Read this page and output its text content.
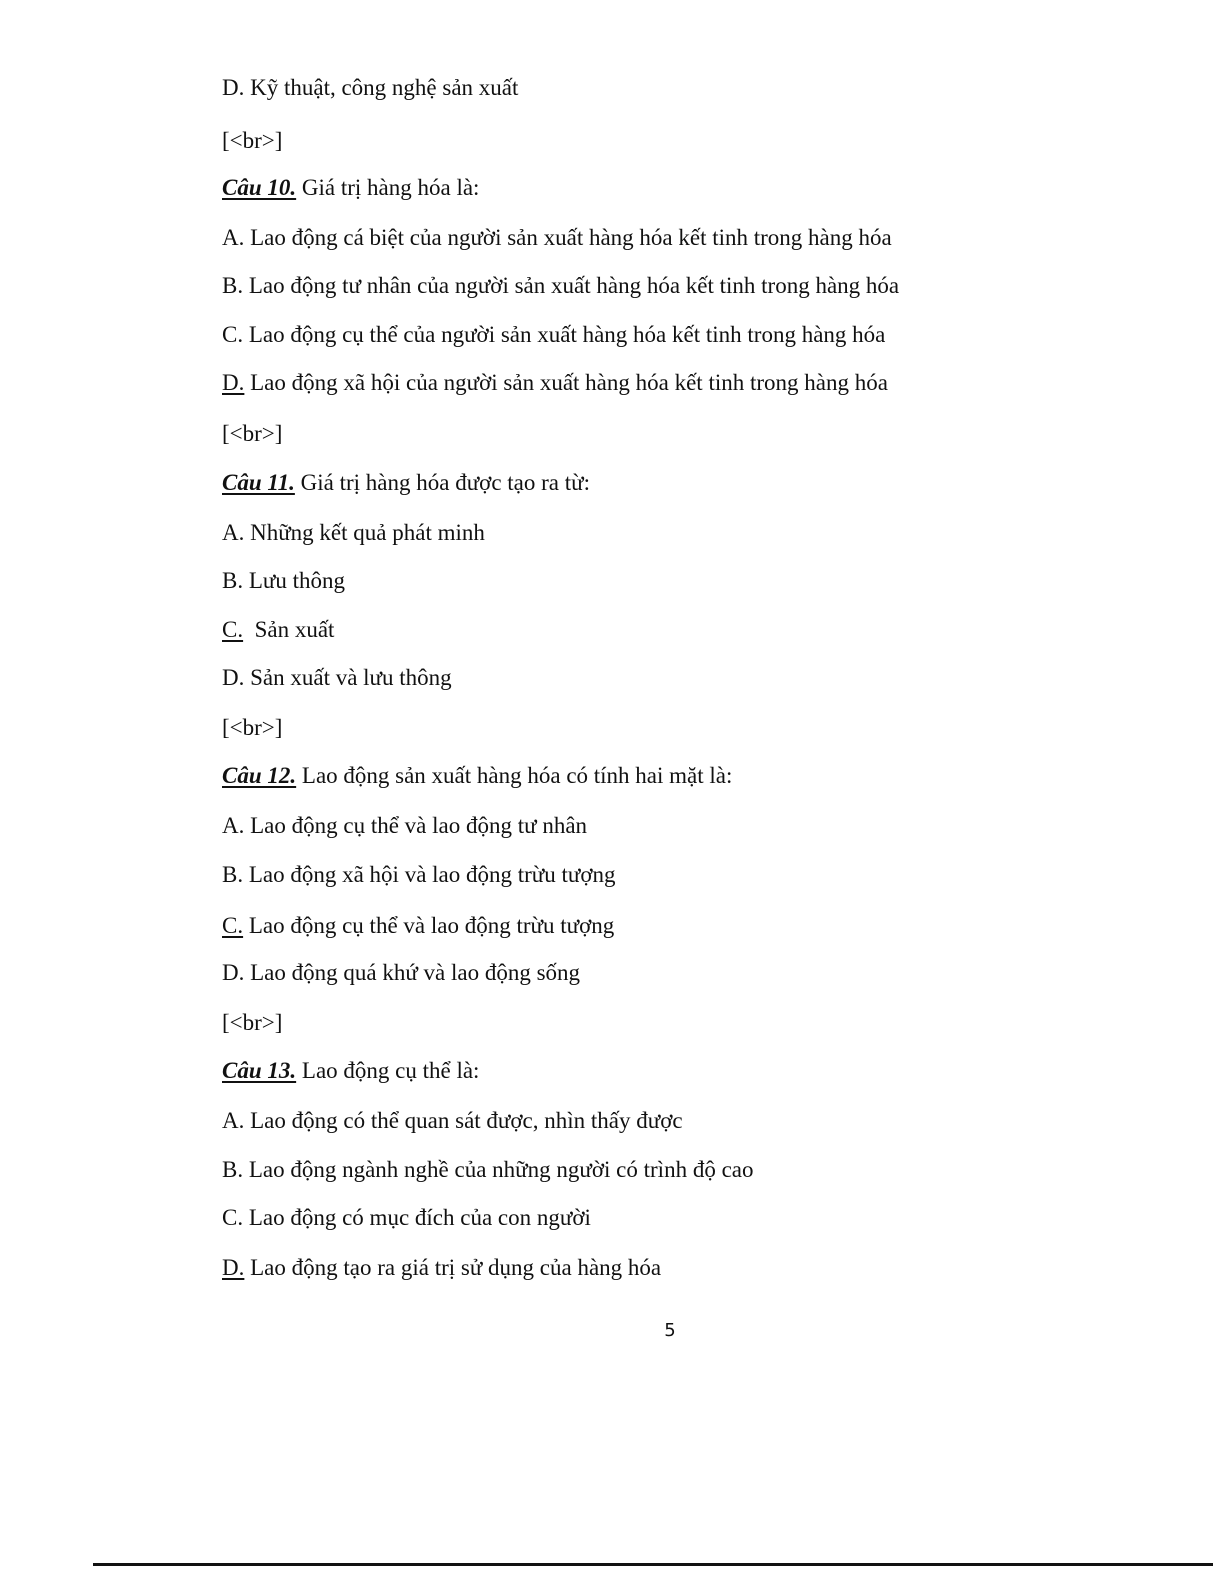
D. Kỹ thuật, công nghệ sản xuất
[<br>]
Câu 10. Giá trị hàng hóa là:
A. Lao động cá biệt của người sản xuất hàng hóa kết tinh trong hàng hóa
B. Lao động tư nhân của người sản xuất hàng hóa kết tinh trong hàng hóa
C. Lao động cụ thể của người sản xuất hàng hóa kết tinh trong hàng hóa
D. Lao động xã hội của người sản xuất hàng hóa kết tinh trong hàng hóa
[<br>]
Câu 11. Giá trị hàng hóa được tạo ra từ:
A. Những kết quả phát minh
B. Lưu thông
C.  Sản xuất
D. Sản xuất và lưu thông
[<br>]
Câu 12. Lao động sản xuất hàng hóa có tính hai mặt là:
A. Lao động cụ thể và lao động tư nhân
B. Lao động xã hội và lao động trừu tượng
C. Lao động cụ thể và lao động trừu tượng
D. Lao động quá khứ và lao động sống
[<br>]
Câu 13. Lao động cụ thể là:
A. Lao động có thể quan sát được, nhìn thấy được
B. Lao động ngành nghề của những người có trình độ cao
C. Lao động có mục đích của con người
D. Lao động tạo ra giá trị sử dụng của hàng hóa
5
